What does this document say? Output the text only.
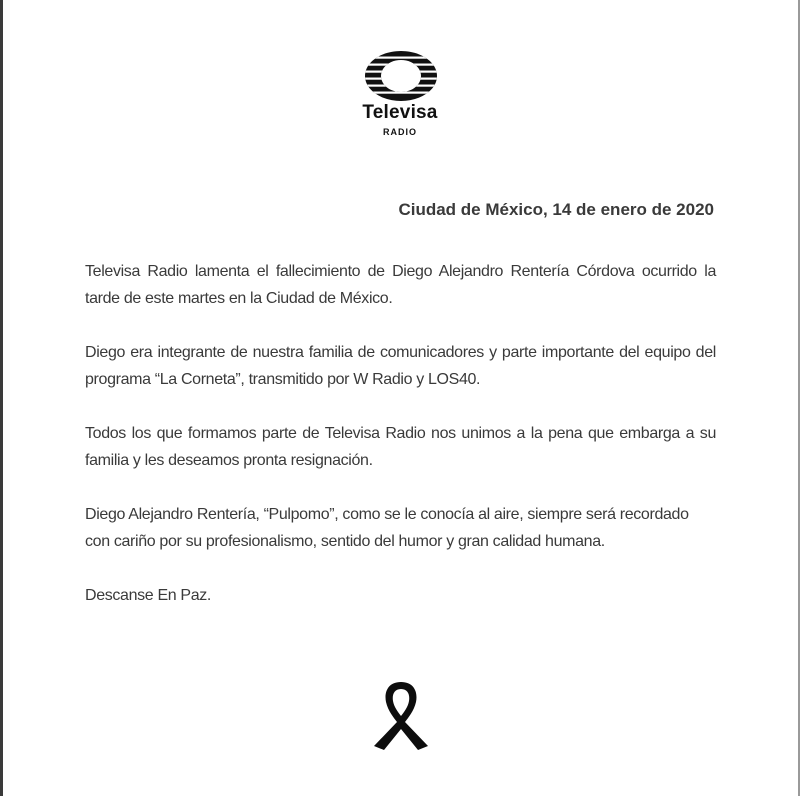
Televisa
RADIO
Ciudad de México, 14 de enero de 2020

Televisa Radio lamenta el fallecimiento de Diego Alejandro Rentería Córdova ocurrido la tarde de este martes en la Ciudad de México.

Diego era integrante de nuestra familia de comunicadores y parte importante del equipo del programa “La Corneta”, transmitido por W Radio y LOS40.

Todos los que formamos parte de Televisa Radio nos unimos a la pena que embarga a su familia y les deseamos pronta resignación.

Diego Alejandro Rentería, “Pulpomo”, como se le conocía al aire, siempre será recordado con cariño por su profesionalismo, sentido del humor y gran calidad humana.

Descanse En Paz.
